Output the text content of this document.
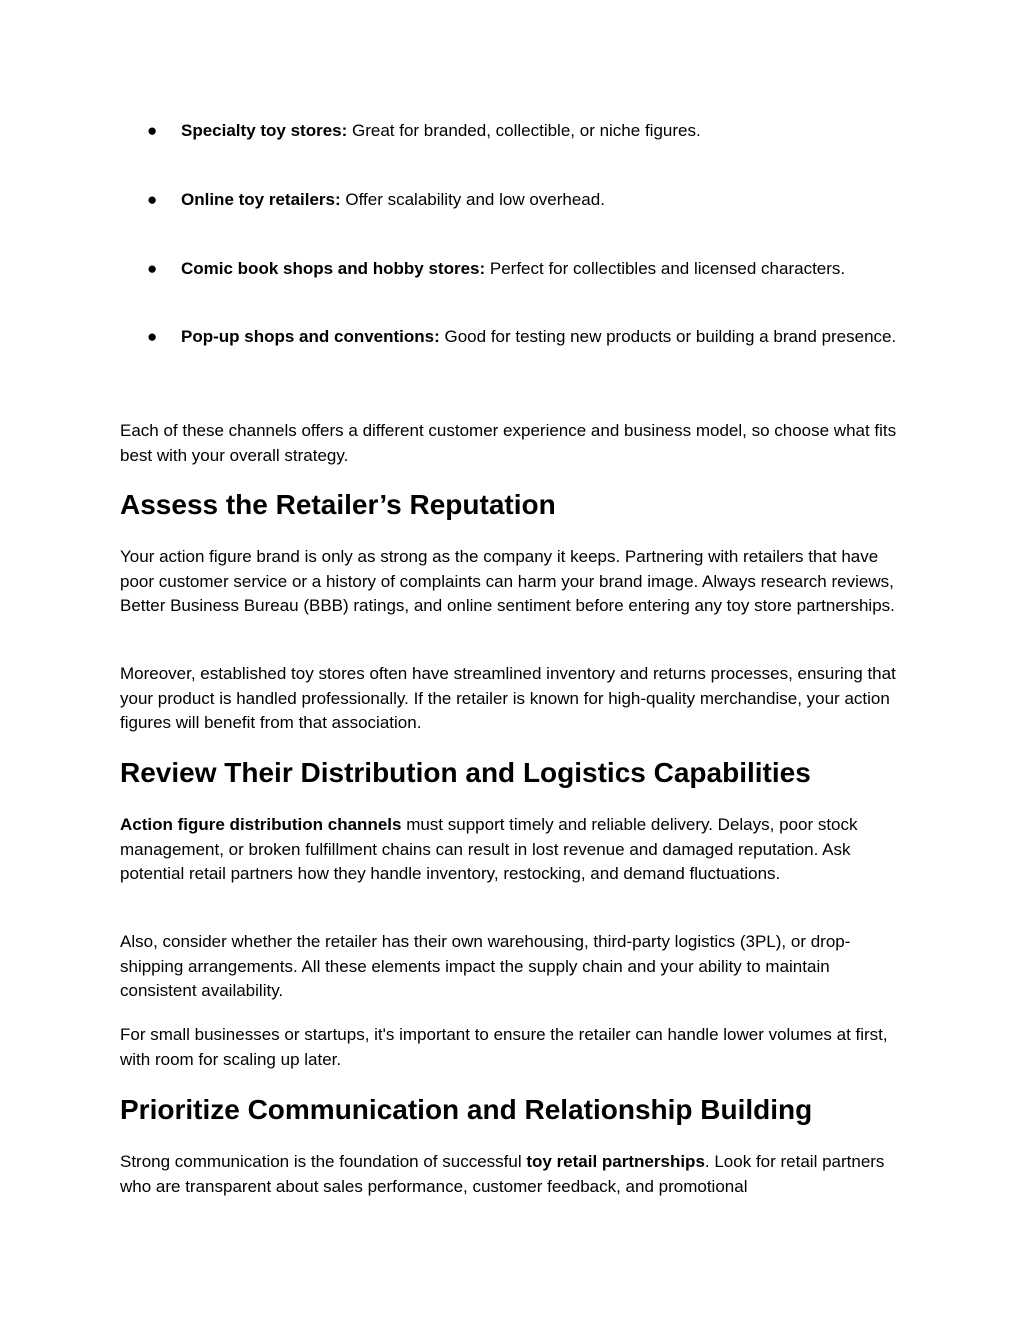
● Specialty toy stores: Great for branded, collectible, or niche figures.
● Online toy retailers: Offer scalability and low overhead.
● Comic book shops and hobby stores: Perfect for collectibles and licensed characters.
● Pop-up shops and conventions: Good for testing new products or building a brand presence.

Each of these channels offers a different customer experience and business model, so choose what fits best with your overall strategy.

Assess the Retailer’s Reputation

Your action figure brand is only as strong as the company it keeps. Partnering with retailers that have poor customer service or a history of complaints can harm your brand image. Always research reviews, Better Business Bureau (BBB) ratings, and online sentiment before entering any toy store partnerships.

Moreover, established toy stores often have streamlined inventory and returns processes, ensuring that your product is handled professionally. If the retailer is known for high-quality merchandise, your action figures will benefit from that association.

Review Their Distribution and Logistics Capabilities

Action figure distribution channels must support timely and reliable delivery. Delays, poor stock management, or broken fulfillment chains can result in lost revenue and damaged reputation. Ask potential retail partners how they handle inventory, restocking, and demand fluctuations.

Also, consider whether the retailer has their own warehousing, third-party logistics (3PL), or drop-shipping arrangements. All these elements impact the supply chain and your ability to maintain consistent availability.

For small businesses or startups, it's important to ensure the retailer can handle lower volumes at first, with room for scaling up later.

Prioritize Communication and Relationship Building

Strong communication is the foundation of successful toy retail partnerships. Look for retail partners who are transparent about sales performance, customer feedback, and promotional
